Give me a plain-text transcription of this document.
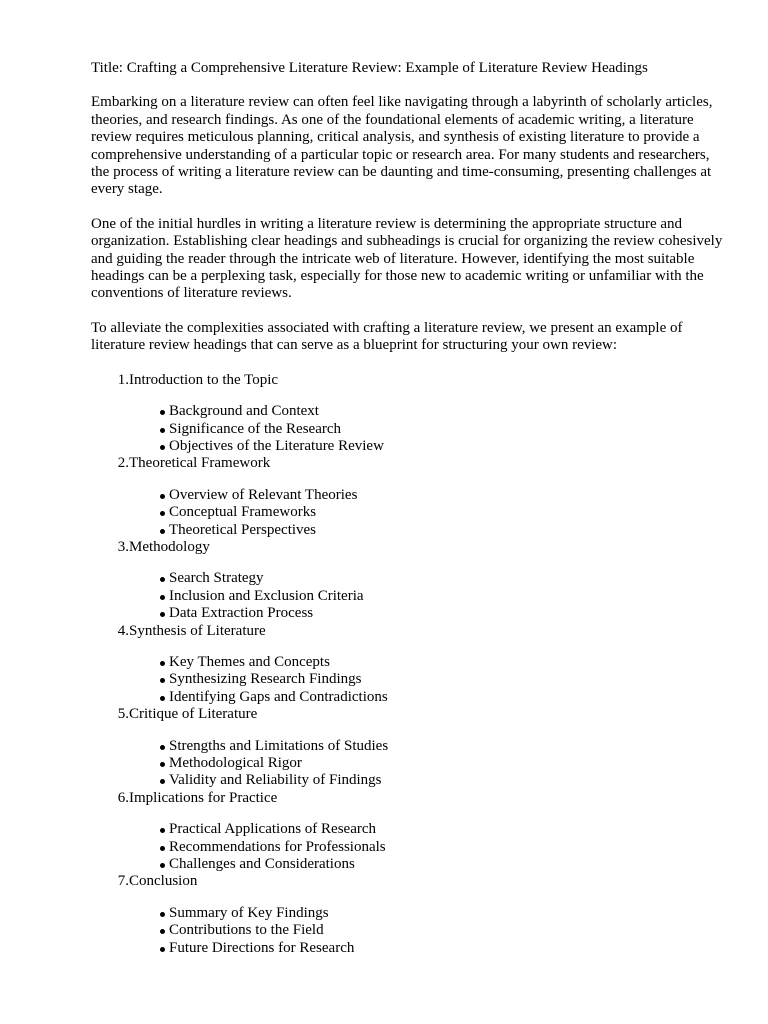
Title: Crafting a Comprehensive Literature Review: Example of Literature Review Headings

Embarking on a literature review can often feel like navigating through a labyrinth of scholarly articles, theories, and research findings. As one of the foundational elements of academic writing, a literature review requires meticulous planning, critical analysis, and synthesis of existing literature to provide a comprehensive understanding of a particular topic or research area. For many students and researchers, the process of writing a literature review can be daunting and time-consuming, presenting challenges at every stage.

One of the initial hurdles in writing a literature review is determining the appropriate structure and organization. Establishing clear headings and subheadings is crucial for organizing the review cohesively and guiding the reader through the intricate web of literature. However, identifying the most suitable headings can be a perplexing task, especially for those new to academic writing or unfamiliar with the conventions of literature reviews.

To alleviate the complexities associated with crafting a literature review, we present an example of literature review headings that can serve as a blueprint for structuring your own review:

1. Introduction to the Topic
Background and Context
Significance of the Research
Objectives of the Literature Review
2. Theoretical Framework
Overview of Relevant Theories
Conceptual Frameworks
Theoretical Perspectives
3. Methodology
Search Strategy
Inclusion and Exclusion Criteria
Data Extraction Process
4. Synthesis of Literature
Key Themes and Concepts
Synthesizing Research Findings
Identifying Gaps and Contradictions
5. Critique of Literature
Strengths and Limitations of Studies
Methodological Rigor
Validity and Reliability of Findings
6. Implications for Practice
Practical Applications of Research
Recommendations for Professionals
Challenges and Considerations
7. Conclusion
Summary of Key Findings
Contributions to the Field
Future Directions for Research
